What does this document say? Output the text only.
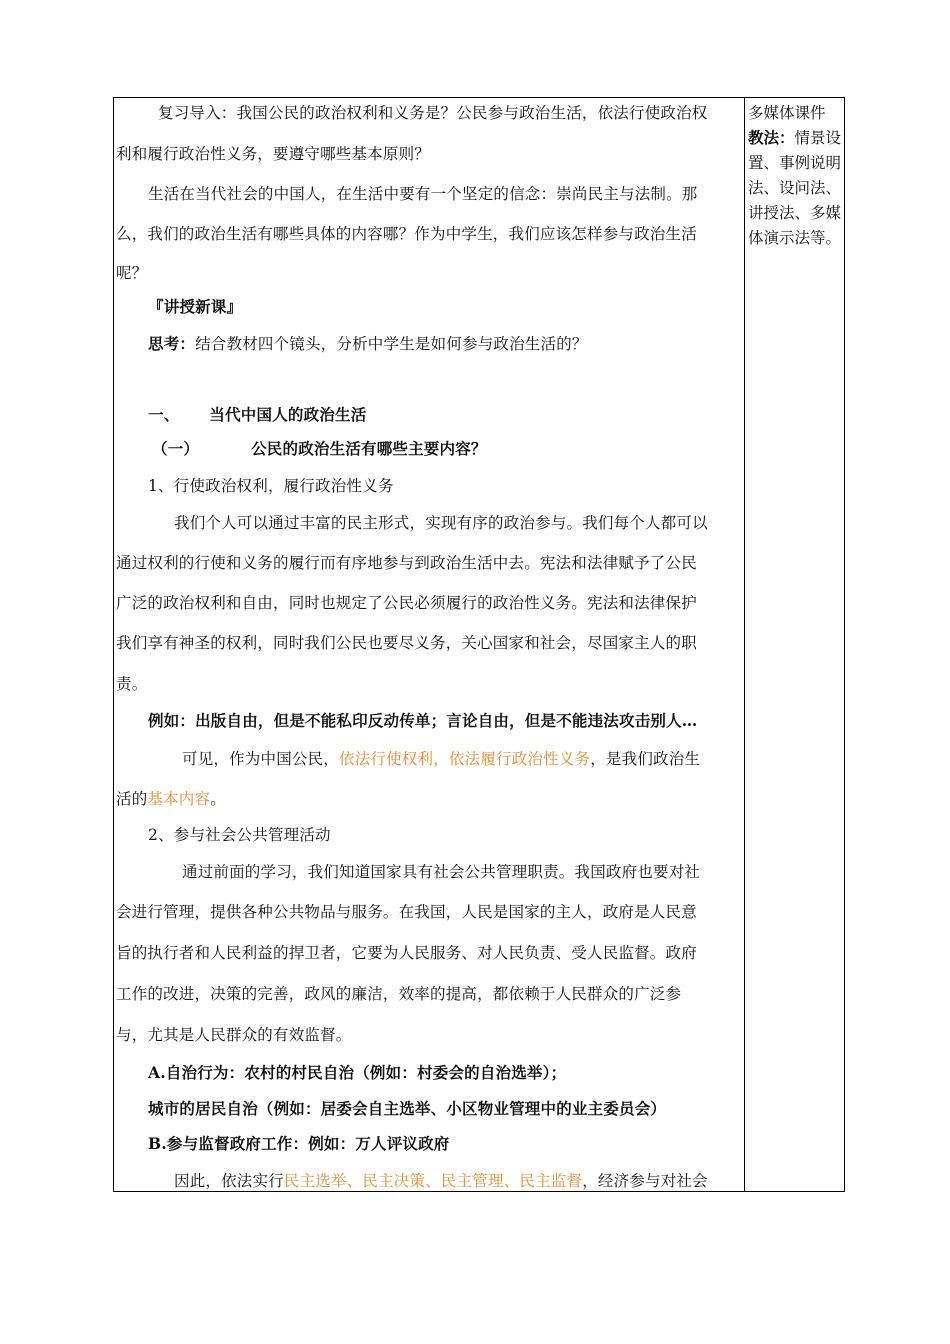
复习导入：我国公民的政治权利和义务是？公民参与政治生活，依法行使政治权
利和履行政治性义务，要遵守哪些基本原则？
生活在当代社会的中国人，在生活中要有一个坚定的信念：崇尚民主与法制。那
么，我们的政治生活有哪些具体的内容哪？作为中学生，我们应该怎样参与政治生活
呢？
『讲授新课』
思考：结合教材四个镜头，分析中学生是如何参与政治生活的？
一、 当代中国人的政治生活
（一）	公民的政治生活有哪些主要内容？
1、行使政治权利，履行政治性义务
我们个人可以通过丰富的民主形式，实现有序的政治参与。我们每个人都可以
通过权利的行使和义务的履行而有序地参与到政治生活中去。宪法和法律赋予了公民
广泛的政治权利和自由，同时也规定了公民必须履行的政治性义务。宪法和法律保护
我们享有神圣的权利，同时我们公民也要尽义务，关心国家和社会，尽国家主人的职
责。
例如：出版自由，但是不能私印反动传单；言论自由，但是不能违法攻击别人…
可见，作为中国公民，依法行使权利，依法履行政治性义务，是我们政治生
活的基本内容。
2、参与社会公共管理活动
通过前面的学习，我们知道国家具有社会公共管理职责。我国政府也要对社
会进行管理，提供各种公共物品与服务。在我国，人民是国家的主人，政府是人民意
旨的执行者和人民利益的捍卫者，它要为人民服务、对人民负责、受人民监督。政府
工作的改进，决策的完善，政风的廉洁，效率的提高，都依赖于人民群众的广泛参
与，尤其是人民群众的有效监督。
A.自治行为：农村的村民自治（例如：村委会的自治选举）；
城市的居民自治（例如：居委会自主选举、小区物业管理中的业主委员会）
B.参与监督政府工作：例如：万人评议政府
因此，依法实行民主选举、民主决策、民主管理、民主监督，经济参与对社会
多媒体课件
教法：情景设
置、事例说明
法、设问法、
讲授法、多媒
体演示法等。
